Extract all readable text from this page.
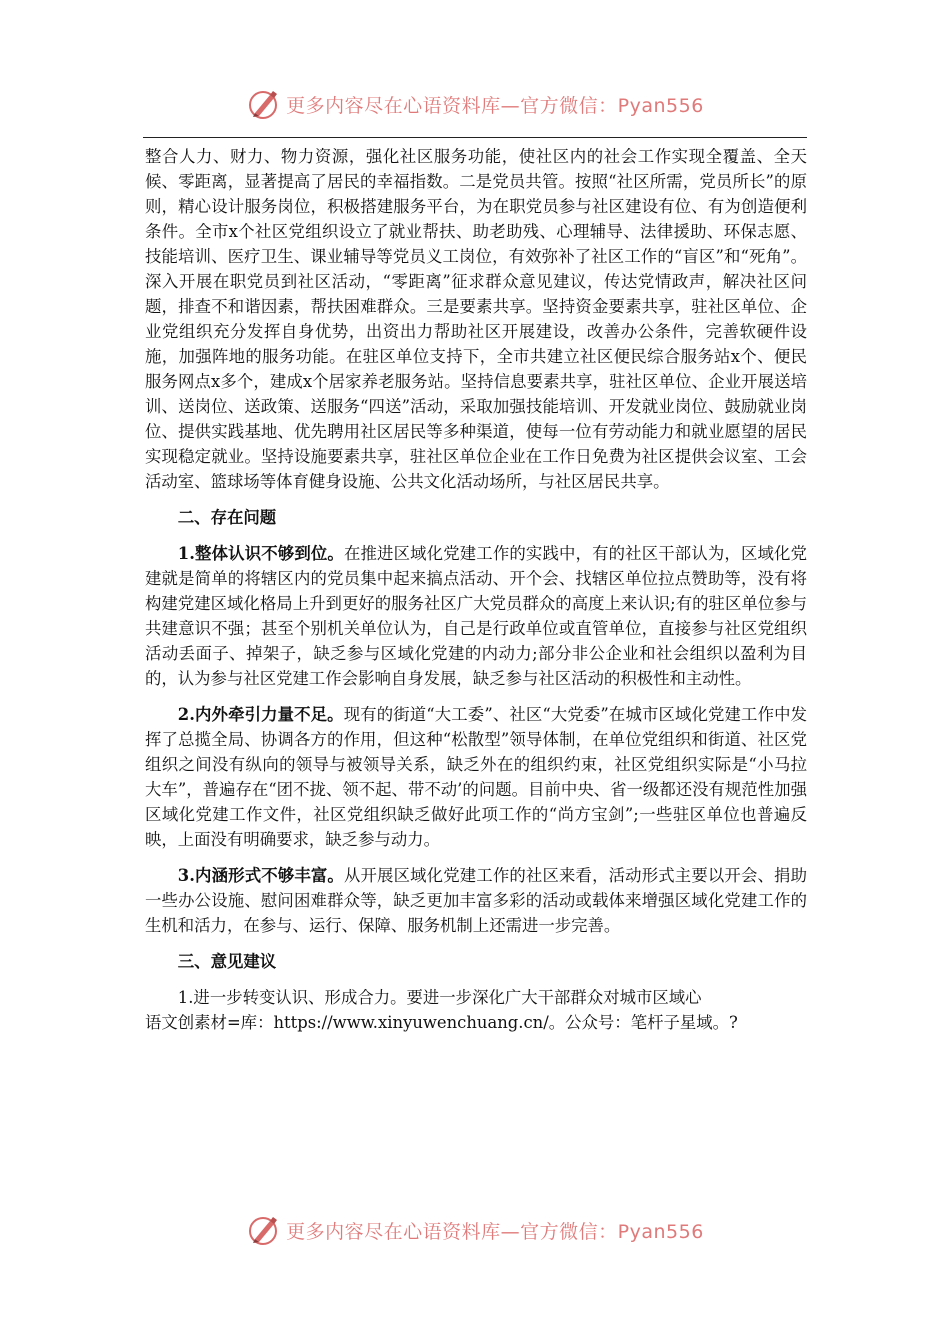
更多内容尽在心语资料库—官方微信：Pyan556

整合人力、财力、物力资源，强化社区服务功能，使社区内的社会工作实现全覆盖、全天候、零距离，显著提高了居民的幸福指数。二是党员共管。按照“社区所需，党员所长”的原则，精心设计服务岗位，积极搭建服务平台，为在职党员参与社区建设有位、有为创造便利条件。全市x个社区党组织设立了就业帮扶、助老助残、心理辅导、法律援助、环保志愿、技能培训、医疗卫生、课业辅导等党员义工岗位，有效弥补了社区工作的“盲区”和“死角”。深入开展在职党员到社区活动，“零距离”征求群众意见建议，传达党情政声，解决社区问题，排查不和谐因素，帮扶困难群众。三是要素共享。坚持资金要素共享，驻社区单位、企业党组织充分发挥自身优势，出资出力帮助社区开展建设，改善办公条件，完善软硬件设施，加强阵地的服务功能。在驻区单位支持下，全市共建立社区便民综合服务站x个、便民服务网点x多个，建成x个居家养老服务站。坚持信息要素共享，驻社区单位、企业开展送培训、送岗位、送政策、送服务“四送”活动，采取加强技能培训、开发就业岗位、鼓励就业岗位、提供实践基地、优先聘用社区居民等多种渠道，使每一位有劳动能力和就业愿望的居民实现稳定就业。坚持设施要素共享，驻社区单位企业在工作日免费为社区提供会议室、工会活动室、篮球场等体育健身设施、公共文化活动场所，与社区居民共享。

二、存在问题

1.整体认识不够到位。在推进区域化党建工作的实践中，有的社区干部认为，区域化党建就是简单的将辖区内的党员集中起来搞点活动、开个会、找辖区单位拉点赞助等，没有将构建党建区域化格局上升到更好的服务社区广大党员群众的高度上来认识;有的驻区单位参与共建意识不强；甚至个别机关单位认为，自己是行政单位或直管单位，直接参与社区党组织活动丢面子、掉架子，缺乏参与区域化党建的内动力;部分非公企业和社会组织以盈利为目的，认为参与社区党建工作会影响自身发展，缺乏参与社区活动的积极性和主动性。

2.内外牵引力量不足。现有的街道“大工委”、社区“大党委”在城市区域化党建工作中发挥了总揽全局、协调各方的作用，但这种“松散型”领导体制，在单位党组织和街道、社区党组织之间没有纵向的领导与被领导关系，缺乏外在的组织约束，社区党组织实际是“小马拉大车”，普遍存在“团不拢、领不起、带不动’的问题。目前中央、省一级都还没有规范性加强区域化党建工作文件，社区党组织缺乏做好此项工作的“尚方宝剑”;一些驻区单位也普遍反映，上面没有明确要求，缺乏参与动力。

3.内涵形式不够丰富。从开展区域化党建工作的社区来看，活动形式主要以开会、捐助一些办公设施、慰问困难群众等，缺乏更加丰富多彩的活动或载体来增强区域化党建工作的生机和活力，在参与、运行、保障、服务机制上还需进一步完善。

三、意见建议

1.进一步转变认识、形成合力。要进一步深化广大干部群众对城市区域心

语文创素材=库：https://www.xinyuwenchuang.cn/。公众号：笔杆子星域。?

更多内容尽在心语资料库—官方微信：Pyan556
